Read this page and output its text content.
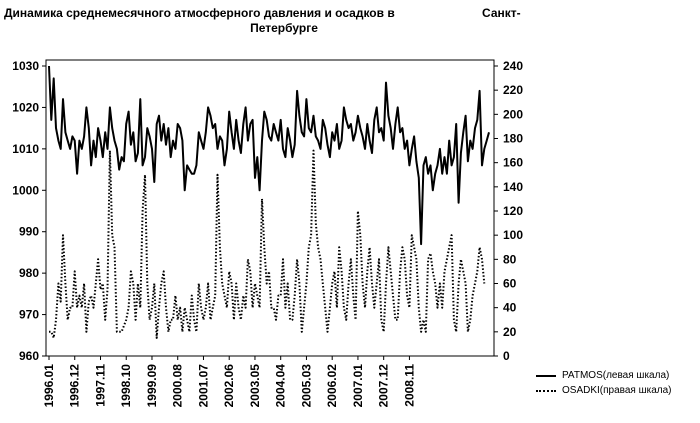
Динамика среднемесячного атмосферного давления и осадков в
Петербурге
Санкт-
960
970
980
990
1000
1010
1020
1030
0
20
40
60
80
100
120
140
160
180
200
220
240
1996.01 1996.12 1997.11 1998.10 1999.09 2000.08 2001.07 2002.06 2003.05 2004.04 2005.03 2006.02 2007.01 2007.12 2008.11	PATMOS(левая шкала)
OSADKI(правая шкала)
